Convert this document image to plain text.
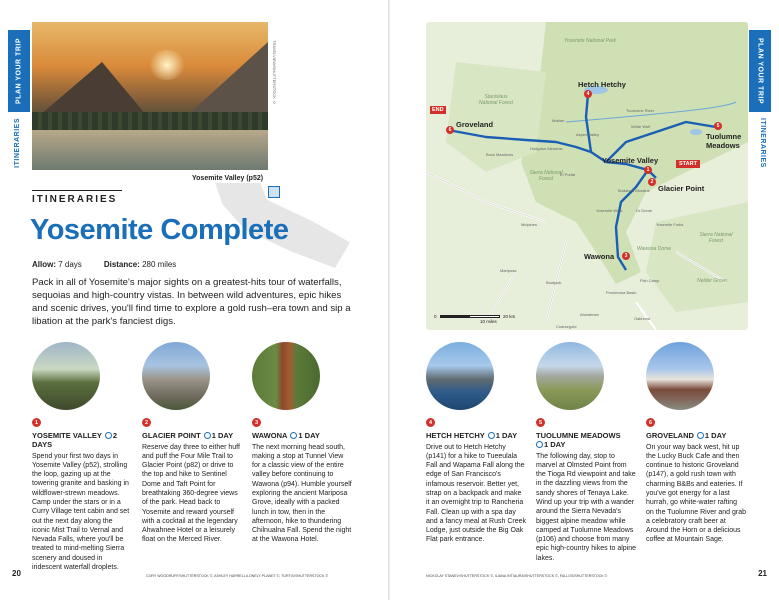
PLAN YOUR TRIP
ITINERARIES
TRAVELVIEW/SHUTTERSTOCK ©
Yosemite Valley (p52)
ITINERARIES
Yosemite Complete
Allow: 7 days	Distance: 280 miles
Pack in all of Yosemite's major sights on a greatest-hits tour of waterfalls, sequoias and high-country vistas. In between wild adventures, epic hikes and scenic drives, you'll find time to explore a gold rush–era town and sip a libation at the park's fanciest digs.
1
YOSEMITE VALLEY 2 DAYS
Spend your first two days in Yosemite Valley (p52), strolling the loop, gazing up at the towering granite and basking in wildflower-strewn meadows. Camp under the stars or in a Curry Village tent cabin and set out the next day along the iconic Mist Trail to Vernal and Nevada Falls, where you'll be treated to mind-melting Sierra scenery and doused in iridescent waterfall droplets.
2
GLACIER POINT 1 DAY
Reserve day three to either huff and puff the Four Mile Trail to Glacier Point (p82) or drive to the top and hike to Sentinel Dome and Taft Point for breathtaking 360-degree views of the park. Head back to Yosemite and reward yourself with a cocktail at the legendary Ahwahnee Hotel or a leisurely float on the Merced River.
3
WAWONA 1 DAY
The next morning head south, making a stop at Tunnel View for a classic view of the entire valley before continuing to Wawona (p94). Humble yourself exploring the ancient Mariposa Grove, ideally with a packed lunch in tow, then in the afternoon, hike to thundering Chilnualna Fall. Spend the night at the Wawona Hotel.
20	CORY WOODRUFF/SHUTTERSTOCK ©, ASHLEY HARRELL/LONELY PLANET ©, TURTIX/SHUTTERSTOCK ©
PLAN YOUR TRIP
ITINERARIES
Yosemite National Park
Stanislaus National Forest
Sierra National Forest
Sierra National Forest
Wawona Dome
Nelder Grove
Mather
Tuolumne River
White Wolf
Aspen Valley
Hodgdon Meadow
El Portal
Midpines
Yosemite West
Bridalveil Moraine
Fish Camp
Mariposa
Bootjack
Ahwahnee
Coarsegold
Oakhurst
Ponderosa Basin
Buck Meadows
Yosemite Forks
Dr Dome
END
6
Groveland
4
Hetch Hetchy
5
Tuolumne Meadows
Yosemite Valley	START
1
2
Glacier Point
3
Wawona
0	20 km
10 miles
4
HETCH HETCHY 1 DAY
Drive out to Hetch Hetchy (p141) for a hike to Tueeulala Fall and Wapama Fall along the edge of San Francisco's infamous reservoir. Better yet, strap on a backpack and make it an overnight trip to Rancheria Fall. Clean up with a spa day and a fancy meal at Rush Creek Lodge, just outside the Big Oak Flat park entrance.
5
TUOLUMNE MEADOWS
1 DAY
The following day, stop to marvel at Olmsted Point from the Tioga Rd viewpoint and take in the dazzling views from the sandy shores of Tenaya Lake. Wind up your trip with a wander around the Sierra Nevada's biggest alpine meadow while camped at Tuolumne Meadows (p106) and choose from many epic high-country hikes to alpine lakes.
6
GROVELAND 1 DAY
On your way back west, hit up the Lucky Buck Cafe and then continue to historic Groveland (p147), a gold rush town with charming B&Bs and eateries. If you've got energy for a last hurrah, go white-water rafting on the Tuolumne River and grab a celebratory craft beer at Around the Horn or a delicious coffee at Mountain Sage.
NICKOLAY STANEV/SHUTTERSTOCK ©, ILIANA INTIAURA/SHUTTERSTOCK ©, FALLOS/SHUTTERSTOCK ©	21
